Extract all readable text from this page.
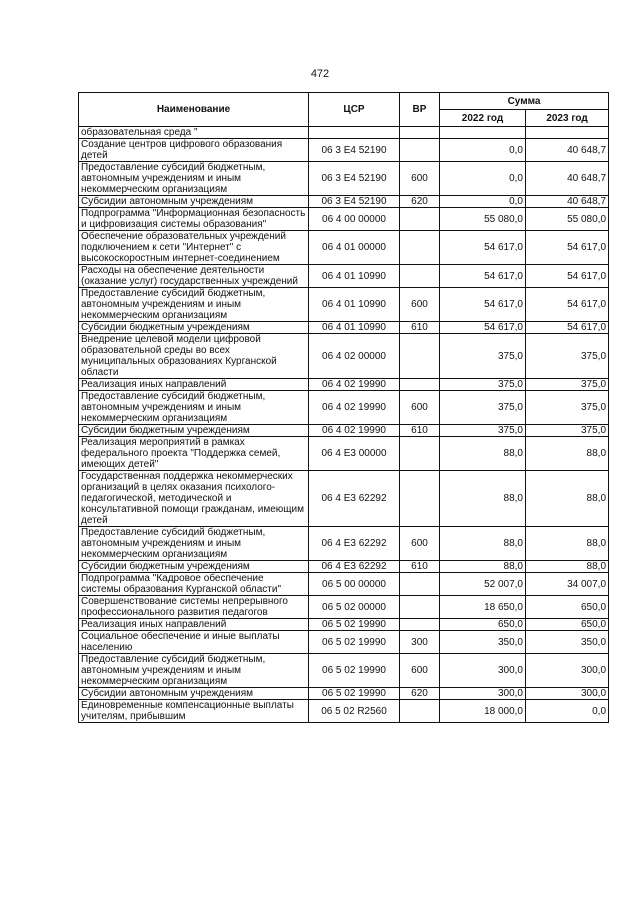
472
Наименование	ЦСР	ВР	Сумма	
			2022 год	2023 год
образовательная среда "				
Создание центров цифрового образования детей	06 3 E4 52190		0,0	40 648,7
Предоставление субсидий бюджетным, автономным учреждениям и иным некоммерческим организациям	06 3 E4 52190	600	0,0	40 648,7
Субсидии автономным учреждениям	06 3 E4 52190	620	0,0	40 648,7
Подпрограмма "Информационная безопасность и цифровизация системы образования"	06 4 00 00000		55 080,0	55 080,0
Обеспечение образовательных учреждений подключением к сети "Интернет" с высокоскоростным интернет-соединением	06 4 01 00000		54 617,0	54 617,0
Расходы на обеспечение деятельности (оказание услуг) государственных учреждений	06 4 01 10990		54 617,0	54 617,0
Предоставление субсидий бюджетным, автономным учреждениям и иным некоммерческим организациям	06 4 01 10990	600	54 617,0	54 617,0
Субсидии бюджетным учреждениям	06 4 01 10990	610	54 617,0	54 617,0
Внедрение целевой модели цифровой образовательной среды во всех муниципальных образованиях Курганской области	06 4 02 00000		375,0	375,0
Реализация иных направлений	06 4 02 19990		375,0	375,0
Предоставление субсидий бюджетным, автономным учреждениям и иным некоммерческим организациям	06 4 02 19990	600	375,0	375,0
Субсидии бюджетным учреждениям	06 4 02 19990	610	375,0	375,0
Реализация мероприятий в рамках федерального проекта "Поддержка семей, имеющих детей"	06 4 E3 00000		88,0	88,0
Государственная поддержка некоммерческих организаций в целях оказания психолого-педагогической, методической и консультативной помощи гражданам, имеющим детей	06 4 E3 62292		88,0	88,0
Предоставление субсидий бюджетным, автономным учреждениям и иным некоммерческим организациям	06 4 E3 62292	600	88,0	88,0
Субсидии бюджетным учреждениям	06 4 E3 62292	610	88,0	88,0
Подпрограмма "Кадровое обеспечение системы образования Курганской области"	06 5 00 00000		52 007,0	34 007,0
Совершенствование системы непрерывного профессионального развития педагогов	06 5 02 00000		18 650,0	650,0
Реализация иных направлений	06 5 02 19990		650,0	650,0
Социальное обеспечение и иные выплаты населению	06 5 02 19990	300	350,0	350,0
Предоставление субсидий бюджетным, автономным учреждениям и иным некоммерческим организациям	06 5 02 19990	600	300,0	300,0
Субсидии автономным учреждениям	06 5 02 19990	620	300,0	300,0
Единовременные компенсационные выплаты учителям, прибывшим	06 5 02 R2560		18 000,0	0,0
